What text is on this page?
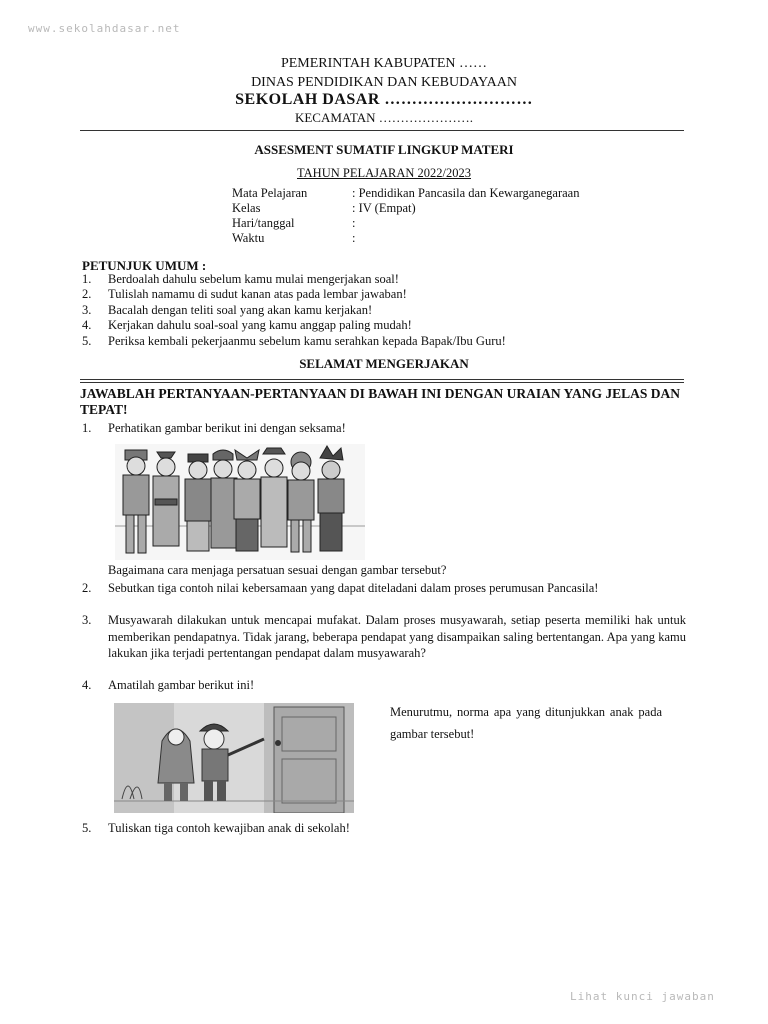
www.sekolahdasar.net
Lihat kunci jawaban
PEMERINTAH KABUPATEN ……
DINAS PENDIDIKAN DAN KEBUDAYAAN
SEKOLAH DASAR ………………………
KECAMATAN ………………….
ASSESMENT SUMATIF LINGKUP MATERI
TAHUN PELAJARAN 2022/2023
Mata Pelajaran	: Pendidikan Pancasila dan Kewarganegaraan
Kelas	: IV (Empat)
Hari/tanggal	:
Waktu	:
PETUNJUK UMUM :
1. Berdoalah dahulu sebelum kamu mulai mengerjakan soal!
2. Tulislah namamu di sudut kanan atas pada lembar jawaban!
3. Bacalah dengan teliti soal yang akan kamu kerjakan!
4. Kerjakan dahulu soal-soal yang kamu anggap paling mudah!
5. Periksa kembali pekerjaanmu sebelum kamu serahkan kepada Bapak/Ibu Guru!
SELAMAT MENGERJAKAN
JAWABLAH PERTANYAAN-PERTANYAAN DI BAWAH INI DENGAN URAIAN YANG JELAS DAN TEPAT!
1. Perhatikan gambar berikut ini dengan seksama!
Bagaimana cara menjaga persatuan sesuai dengan gambar tersebut?
2. Sebutkan tiga contoh nilai kebersamaan yang dapat diteladani dalam proses perumusan Pancasila!
3. Musyawarah dilakukan untuk mencapai mufakat. Dalam proses musyawarah, setiap peserta memiliki hak untuk memberikan pendapatnya. Tidak jarang, beberapa pendapat yang disampaikan saling bertentangan. Apa yang kamu lakukan jika terjadi pertentangan pendapat dalam musyawarah?
4. Amatilah gambar berikut ini!
Menurutmu, norma apa yang ditunjukkan anak pada gambar tersebut!
5. Tuliskan tiga contoh kewajiban anak di sekolah!
